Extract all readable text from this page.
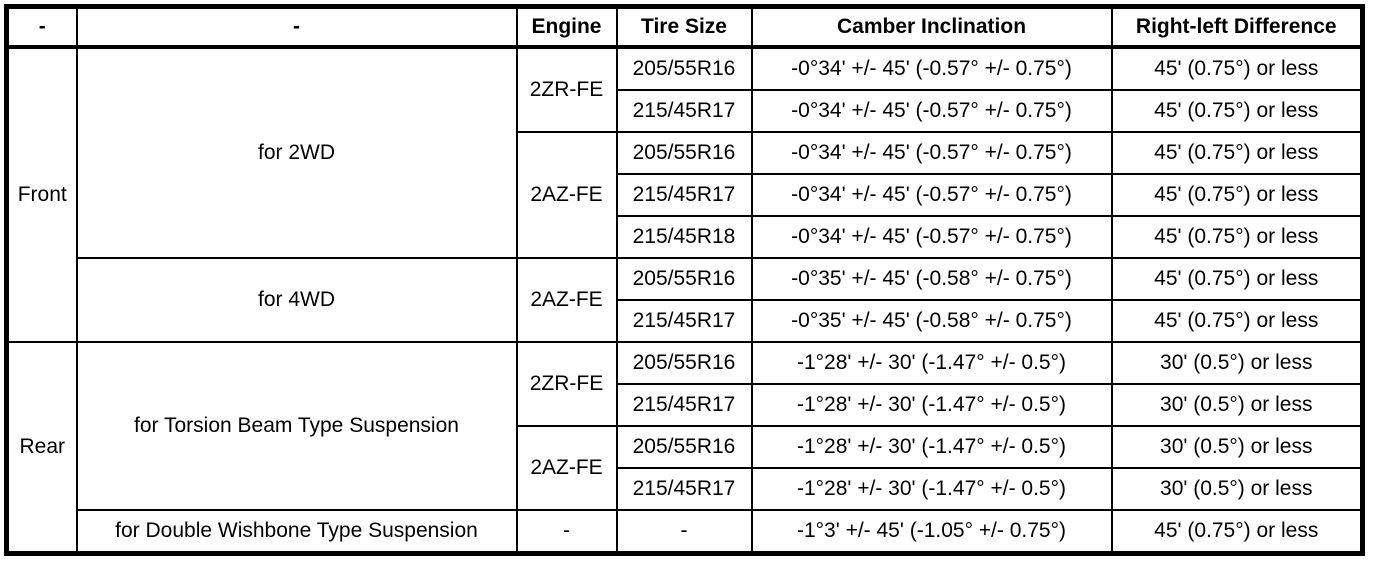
-	-	Engine	Tire Size	Camber Inclination	Right-left Difference
Front	for 2WD	2ZR-FE	205/55R16	-0°34' +/- 45' (-0.57° +/- 0.75°)	45' (0.75°) or less
			215/45R17	-0°34' +/- 45' (-0.57° +/- 0.75°)	45' (0.75°) or less
		2AZ-FE	205/55R16	-0°34' +/- 45' (-0.57° +/- 0.75°)	45' (0.75°) or less
			215/45R17	-0°34' +/- 45' (-0.57° +/- 0.75°)	45' (0.75°) or less
			215/45R18	-0°34' +/- 45' (-0.57° +/- 0.75°)	45' (0.75°) or less
	for 4WD	2AZ-FE	205/55R16	-0°35' +/- 45' (-0.58° +/- 0.75°)	45' (0.75°) or less
			215/45R17	-0°35' +/- 45' (-0.58° +/- 0.75°)	45' (0.75°) or less
Rear	for Torsion Beam Type Suspension	2ZR-FE	205/55R16	-1°28' +/- 30' (-1.47° +/- 0.5°)	30' (0.5°) or less
			215/45R17	-1°28' +/- 30' (-1.47° +/- 0.5°)	30' (0.5°) or less
		2AZ-FE	205/55R16	-1°28' +/- 30' (-1.47° +/- 0.5°)	30' (0.5°) or less
			215/45R17	-1°28' +/- 30' (-1.47° +/- 0.5°)	30' (0.5°) or less
	for Double Wishbone Type Suspension	-	-	-1°3' +/- 45' (-1.05° +/- 0.75°)	45' (0.75°) or less
